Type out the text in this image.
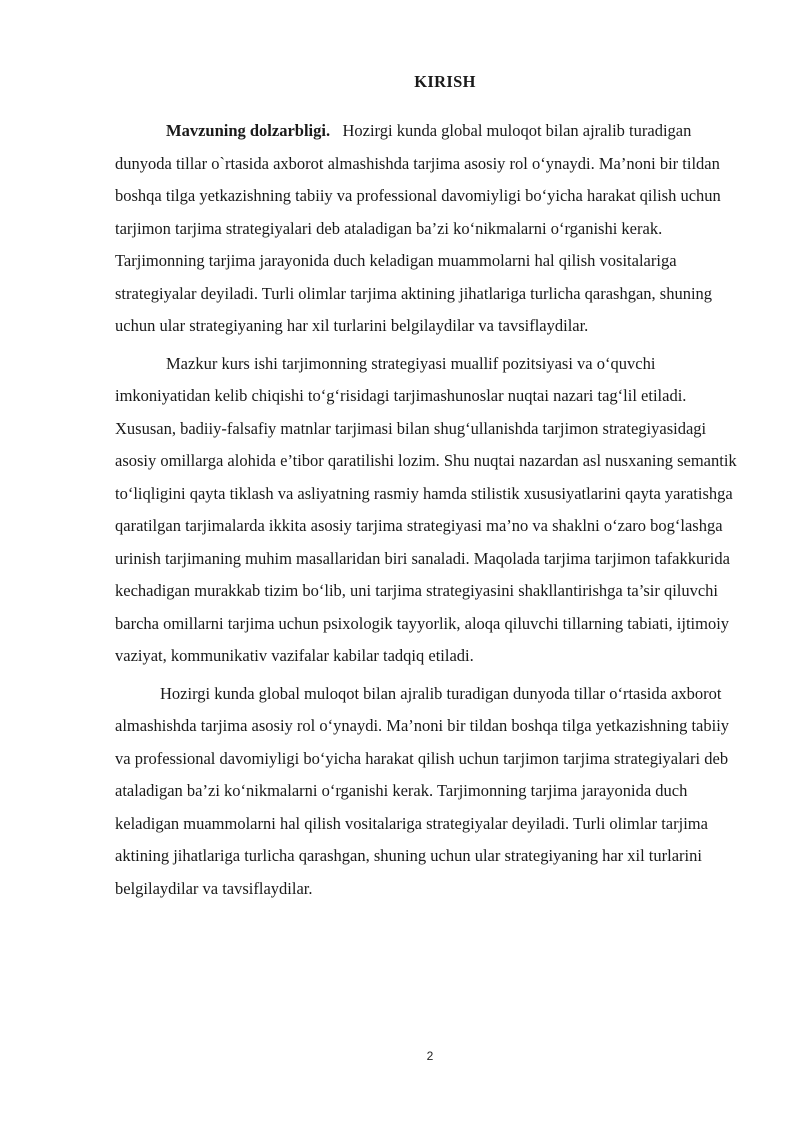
KIRISH

Mavzuning dolzarbligi. Hozirgi kunda global muloqot bilan ajralib turadigan dunyoda tillar o`rtasida axborot almashishda tarjima asosiy rol o‘ynaydi. Ma’noni bir tildan boshqa tilga yetkazishning tabiiy va professional davomiyligi bo‘yicha harakat qilish uchun tarjimon tarjima strategiyalari deb ataladigan ba’zi ko‘nikmalarni o‘rganishi kerak. Tarjimonning tarjima jarayonida duch keladigan muammolarni hal qilish vositalariga strategiyalar deyiladi. Turli olimlar tarjima aktining jihatlariga turlicha qarashgan, shuning uchun ular strategiyaning har xil turlarini belgilaydilar va tavsiflaydilar.

Mazkur kurs ishi tarjimonning strategiyasi muallif pozitsiyasi va o‘quvchi imkoniyatidan kelib chiqishi to‘g‘risidagi tarjimashunoslar nuqtai nazari tag‘lil etiladi. Xususan, badiiy-falsafiy matnlar tarjimasi bilan shug‘ullanishda tarjimon strategiyasidagi asosiy omillarga alohida e’tibor qaratilishi lozim. Shu nuqtai nazardan asl nusxaning semantik to‘liqligini qayta tiklash va asliyatning rasmiy hamda stilistik xususiyatlarini qayta yaratishga qaratilgan tarjimalarda ikkita asosiy tarjima strategiyasi ma’no va shaklni o‘zaro bog‘lashga urinish tarjimaning muhim masallaridan biri sanaladi. Maqolada tarjima tarjimon tafakkurida kechadigan murakkab tizim bo‘lib, uni tarjima strategiyasini shakllantirishga ta’sir qiluvchi barcha omillarni tarjima uchun psixologik tayyorlik, aloqa qiluvchi tillarning tabiati, ijtimoiy vaziyat, kommunikativ vazifalar kabilar tadqiq etiladi.

Hozirgi kunda global muloqot bilan ajralib turadigan dunyoda tillar o‘rtasida axborot almashishda tarjima asosiy rol o‘ynaydi. Ma’noni bir tildan boshqa tilga yetkazishning tabiiy va professional davomiyligi bo‘yicha harakat qilish uchun tarjimon tarjima strategiyalari deb ataladigan ba’zi ko‘nikmalarni o‘rganishi kerak. Tarjimonning tarjima jarayonida duch keladigan muammolarni hal qilish vositalariga strategiyalar deyiladi. Turli olimlar tarjima aktining jihatlariga turlicha qarashgan, shuning uchun ular strategiyaning har xil turlarini belgilaydilar va tavsiflaydilar.

2
